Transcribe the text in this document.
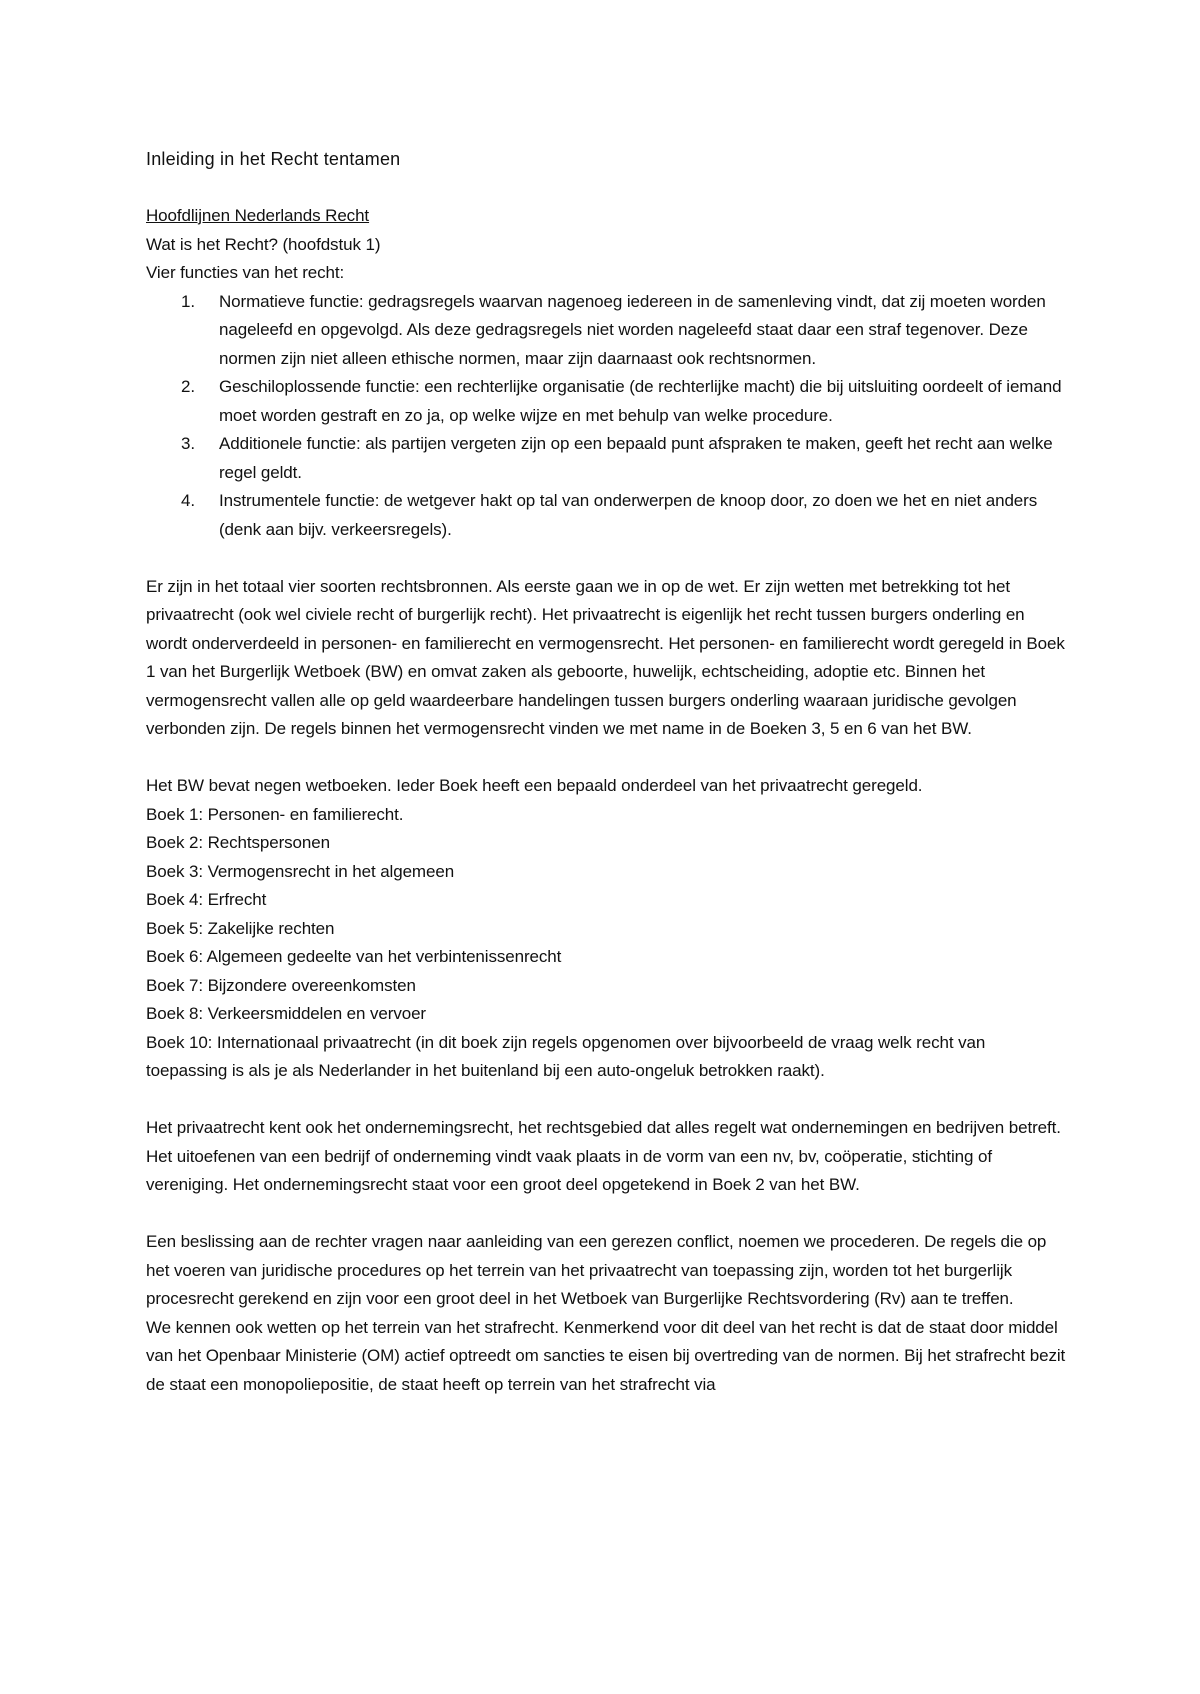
Inleiding in het Recht tentamen
Hoofdlijnen Nederlands Recht

Wat is het Recht? (hoofdstuk 1)

Vier functies van het recht:

1. Normatieve functie: gedragsregels waarvan nagenoeg iedereen in de samenleving vindt, dat zij moeten worden nageleefd en opgevolgd. Als deze gedragsregels niet worden nageleefd staat daar een straf tegenover. Deze normen zijn niet alleen ethische normen, maar zijn daarnaast ook rechtsnormen.
2. Geschiloplossende functie: een rechterlijke organisatie (de rechterlijke macht) die bij uitsluiting oordeelt of iemand moet worden gestraft en zo ja, op welke wijze en met behulp van welke procedure.
3. Additionele functie: als partijen vergeten zijn op een bepaald punt afspraken te maken, geeft het recht aan welke regel geldt.
4. Instrumentele functie: de wetgever hakt op tal van onderwerpen de knoop door, zo doen we het en niet anders (denk aan bijv. verkeersregels).

Er zijn in het totaal vier soorten rechtsbronnen. Als eerste gaan we in op de wet. Er zijn wetten met betrekking tot het privaatrecht (ook wel civiele recht of burgerlijk recht). Het privaatrecht is eigenlijk het recht tussen burgers onderling en wordt onderverdeeld in personen- en familierecht en vermogensrecht. Het personen- en familierecht wordt geregeld in Boek 1 van het Burgerlijk Wetboek (BW) en omvat zaken als geboorte, huwelijk, echtscheiding, adoptie etc. Binnen het vermogensrecht vallen alle op geld waardeerbare handelingen tussen burgers onderling waaraan juridische gevolgen verbonden zijn. De regels binnen het vermogensrecht vinden we met name in de Boeken 3, 5 en 6 van het BW.

Het BW bevat negen wetboeken. Ieder Boek heeft een bepaald onderdeel van het privaatrecht geregeld.

Boek 1: Personen- en familierecht.
Boek 2: Rechtspersonen
Boek 3: Vermogensrecht in het algemeen
Boek 4: Erfrecht
Boek 5: Zakelijke rechten
Boek 6: Algemeen gedeelte van het verbintenissenrecht
Boek 7: Bijzondere overeenkomsten
Boek 8: Verkeersmiddelen en vervoer
Boek 10: Internationaal privaatrecht (in dit boek zijn regels opgenomen over bijvoorbeeld de vraag welk recht van toepassing is als je als Nederlander in het buitenland bij een auto-ongeluk betrokken raakt).

Het privaatrecht kent ook het ondernemingsrecht, het rechtsgebied dat alles regelt wat ondernemingen en bedrijven betreft. Het uitoefenen van een bedrijf of onderneming vindt vaak plaats in de vorm van een nv, bv, coöperatie, stichting of vereniging. Het ondernemingsrecht staat voor een groot deel opgetekend in Boek 2 van het BW.

Een beslissing aan de rechter vragen naar aanleiding van een gerezen conflict, noemen we procederen. De regels die op het voeren van juridische procedures op het terrein van het privaatrecht van toepassing zijn, worden tot het burgerlijk procesrecht gerekend en zijn voor een groot deel in het Wetboek van Burgerlijke Rechtsvordering (Rv) aan te treffen.

We kennen ook wetten op het terrein van het strafrecht. Kenmerkend voor dit deel van het recht is dat de staat door middel van het Openbaar Ministerie (OM) actief optreedt om sancties te eisen bij overtreding van de normen. Bij het strafrecht bezit de staat een monopoliepositie, de staat heeft op terrein van het strafrecht via
